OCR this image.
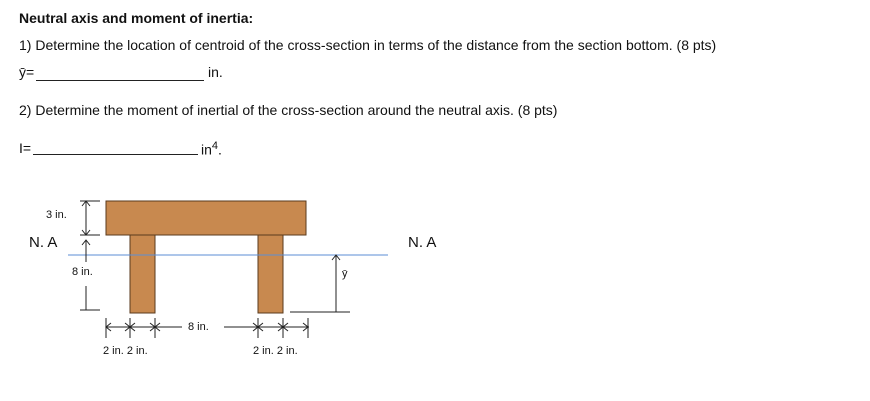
Neutral axis and moment of inertia:
1) Determine the location of centroid of the cross-section in terms of the distance from the section bottom. (8 pts)
ȳ=	in.
2) Determine the moment of inertial of the cross-section around the neutral axis. (8 pts)
I=	$in^4$.
3 in.
N. A	N. A
8 in.
8 in.
2 in. 2 in.	2 in. 2 in.
ȳ
